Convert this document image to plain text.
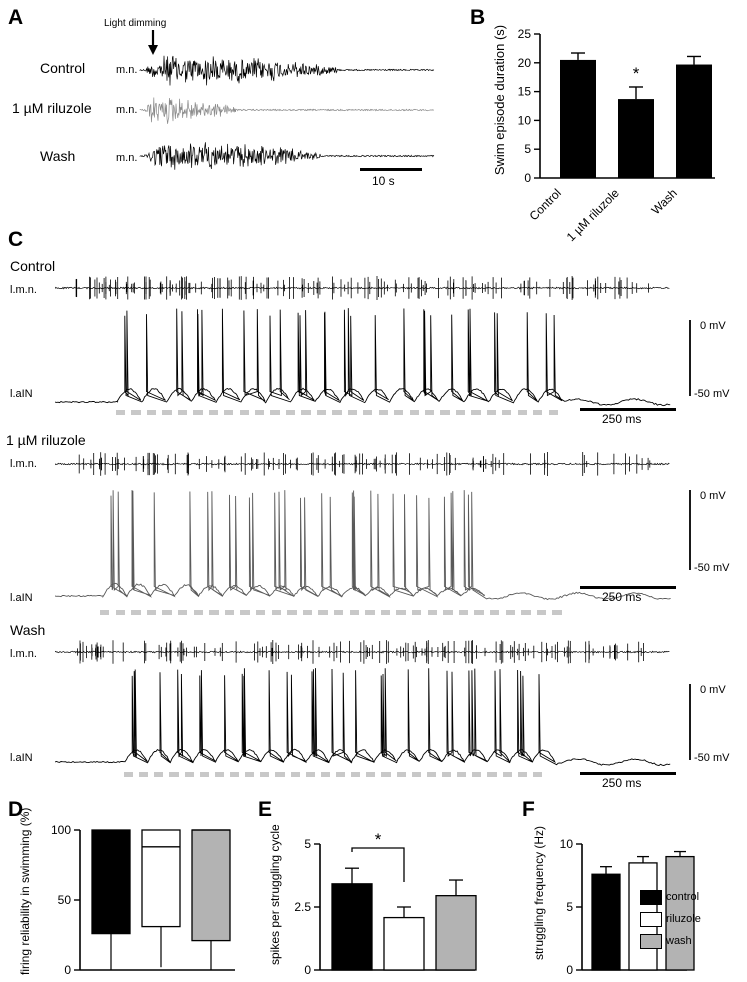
A	Light dimming
Control	m.n.
1 µM riluzole m.n.
Wash	m.n.
10 s
B
Swim episode duration (s)
0
5
10
15
20
25
*
Control 1 µM riluzole Wash
C
Control
l.m.n.
l.aIN
0 mV
-50 mV
250 ms
1 µM riluzole
l.m.n.
l.aIN
0 mV
-50 mV
250 ms
Wash
l.m.n.
l.aIN
0 mV
-50 mV
250 ms
D
firing reliability in swimming (%)	0
50
100
E
spikes per struggling cycle
0
2.5
5	*
F
struggling frequency (Hz)
0
5
10
control
riluzole
wash
